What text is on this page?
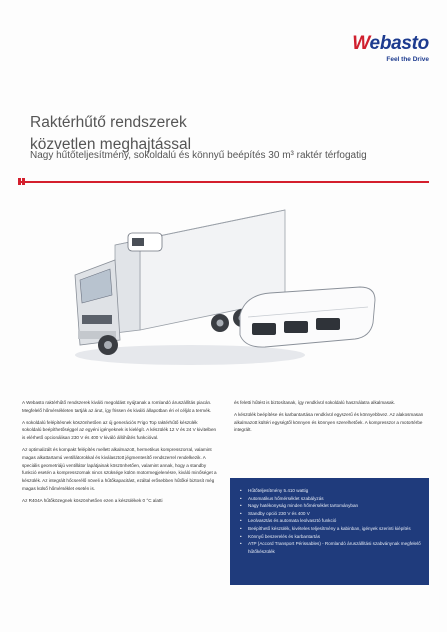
Webasto
Feel the Drive
Raktérhűtő rendszerek
közvetlen meghajtással
Nagy hűtőteljesítmény, sokoldalú és könnyű beépítés 30 m³ raktér térfogatig

A Webasto raktérhűtő rendszerek kiváló megoldást nyújtanak a romlandó áruszállítás piacán. Megfelelő hőmérsékleten tartják az árut, így frissen és kiváló állapotban éri el célját a termék.

A sokoldalú felépítésnek köszönhetően az új generációs Frigo Top raktérhűtő készülék sokoldalú beépíthetőséggel az egyéni igényeknek is kielégít. A készülék 12 V és 24 V kivitelben is elérhető opcionálisan 230 V és 400 V kiváló állóhűtés funkcióval.

Az optimalizált és kompakt felépítés mellett alkalmazott, hermetikus kompresszorral, valamint magas alkattartamú ventillátorokkal és kiválasztott jégmentesítő rendszerrel rendelkezik. A speciális geometriájú ventillátor lapátjainak köszönhetően, valamint annak, hogy a standby funkció esetén a kompresszornak nincs szüksége külön motormegjelenésre, kiváló minőséget a készülék. Az integrált hőcserélő növeli a hűtőkapacitást, ezáltal erősebben hűtőké biztosít még magas külső hőmérséklet esetén is.

Az R404A hűtőközegnek köszönhetően ezen a készülékek 0 °C alatti

és feletti hűtést is biztosítanak, így rendkívül sokoldalú használatra alkalmasak.

A készülék beépítése és karbantartása rendkívül egyszerű és könnyebbvez. Az alakosmasan alkalmazott kültéri egységtől könnyen és könnyen szerelhetőek. A kompresszor a motortérbe integrált.

• Hűtőteljesítmény 5.410 wattig
• Automatikus hőmérséklet szabályzás
• Nagy hatékonyság minden hőmérséklet tartományban
• Standby opció 230 V és 400 V
• Leolvasztás és automata leolvasztó funkció
• Beépíthető készülék, kivételes teljesítmény a kabinban, igények szerinti kiépítés
• Könnyű beszerelés és karbantartás
• ATP (Accord Transport Périssables) - Romlandó áruszállítási szabványnak megfelelő hűtőkészülék
